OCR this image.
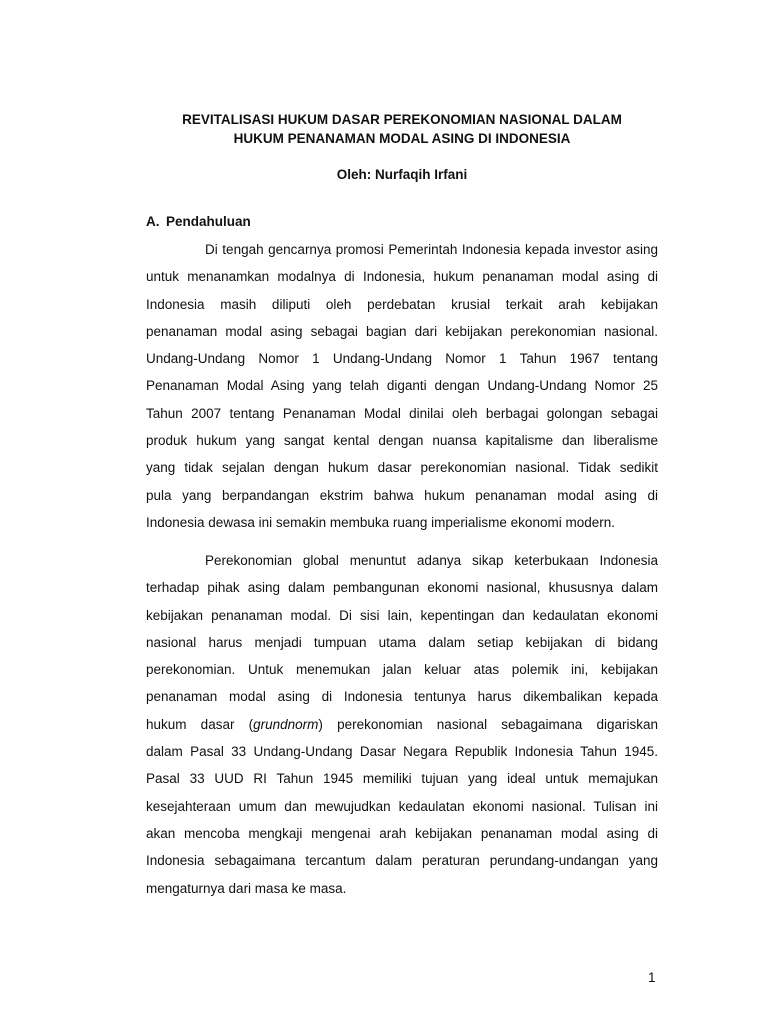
REVITALISASI HUKUM DASAR PEREKONOMIAN NASIONAL DALAM
HUKUM PENANAMAN MODAL ASING DI INDONESIA
Oleh: Nurfaqih Irfani
A. Pendahuluan
Di tengah gencarnya promosi Pemerintah Indonesia kepada investor asing
untuk menanamkan modalnya di Indonesia, hukum penanaman modal asing di
Indonesia masih diliputi oleh perdebatan krusial terkait arah kebijakan
penanaman modal asing sebagai bagian dari kebijakan perekonomian nasional.
Undang-Undang Nomor 1 Undang-Undang Nomor 1 Tahun 1967 tentang
Penanaman Modal Asing yang telah diganti dengan Undang-Undang Nomor 25
Tahun 2007 tentang Penanaman Modal dinilai oleh berbagai golongan sebagai
produk hukum yang sangat kental dengan nuansa kapitalisme dan liberalisme
yang tidak sejalan dengan hukum dasar perekonomian nasional. Tidak sedikit
pula yang berpandangan ekstrim bahwa hukum penanaman modal asing di
Indonesia dewasa ini semakin membuka ruang imperialisme ekonomi modern.
Perekonomian global menuntut adanya sikap keterbukaan Indonesia
terhadap pihak asing dalam pembangunan ekonomi nasional, khususnya dalam
kebijakan penanaman modal. Di sisi lain, kepentingan dan kedaulatan ekonomi
nasional harus menjadi tumpuan utama dalam setiap kebijakan di bidang
perekonomian. Untuk menemukan jalan keluar atas polemik ini, kebijakan
penanaman modal asing di Indonesia tentunya harus dikembalikan kepada
hukum dasar (grundnorm) perekonomian nasional sebagaimana digariskan
dalam Pasal 33 Undang-Undang Dasar Negara Republik Indonesia Tahun 1945.
Pasal 33 UUD RI Tahun 1945 memiliki tujuan yang ideal untuk memajukan
kesejahteraan umum dan mewujudkan kedaulatan ekonomi nasional. Tulisan ini
akan mencoba mengkaji mengenai arah kebijakan penanaman modal asing di
Indonesia sebagaimana tercantum dalam peraturan perundang-undangan yang
mengaturnya dari masa ke masa.
1
